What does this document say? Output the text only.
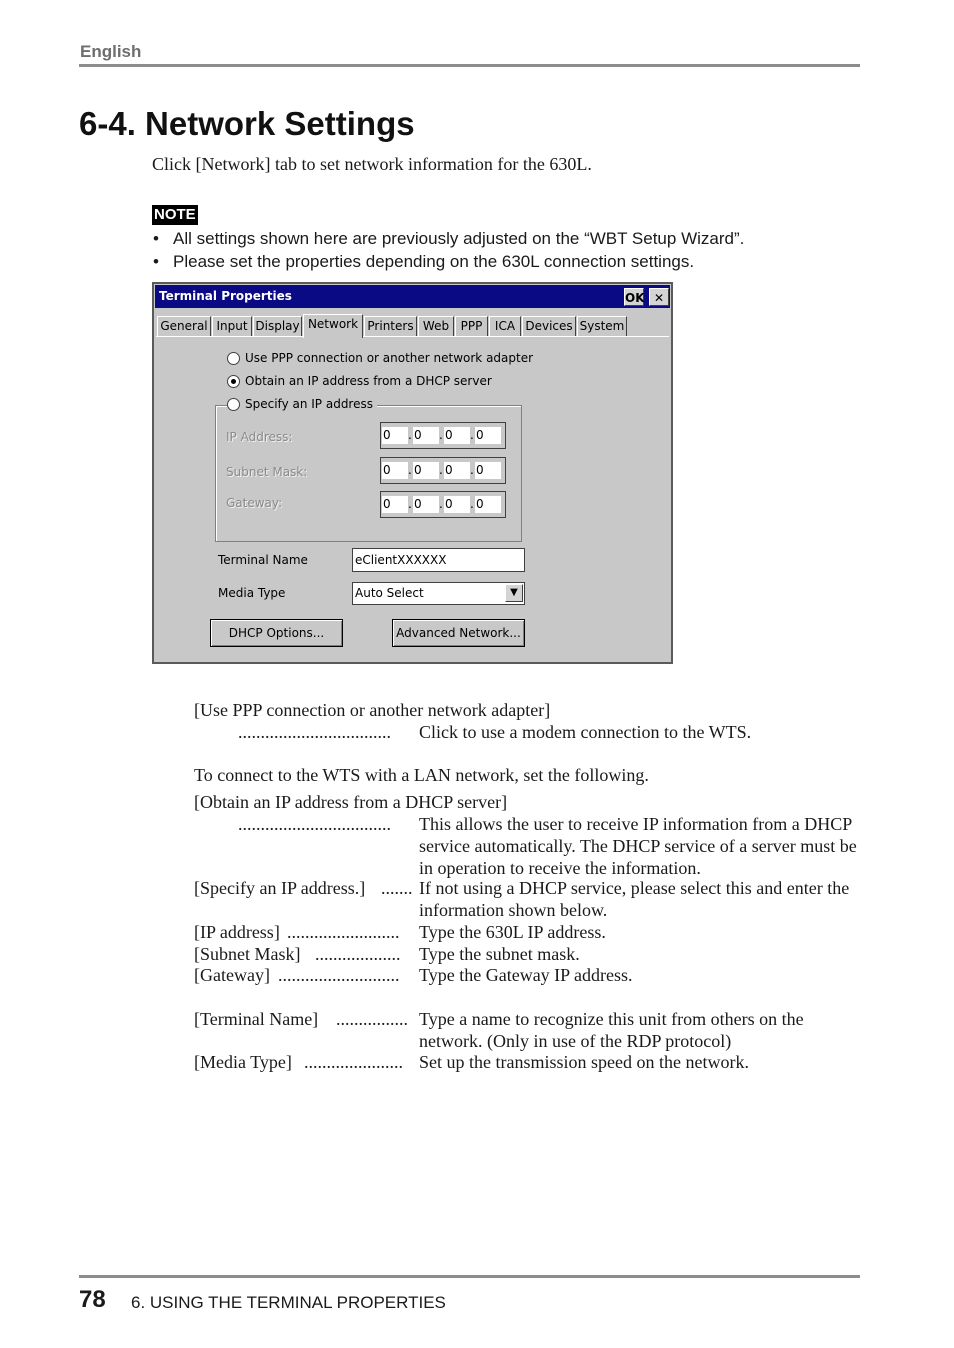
English
6-4. Network Settings
Click [Network] tab to set network information for the 630L.
NOTE
• All settings shown here are previously adjusted on the “WBT Setup Wizard”.
• Please set the properties depending on the 630L connection settings.
Terminal Properties	OK ✕
General Input Display Network Printers Web PPP	ICA Devices System
Use PPP connection or another network adapter
Obtain an IP address from a DHCP server
Specify an IP address
IP Address:	0	. 0	. 0	. 0
Subnet Mask:	0	. 0	. 0	. 0
Gateway:	0	. 0	. 0	. 0
Terminal Name	eClientXXXXXX
Media Type	Auto Select	▼
DHCP Options...	Advanced Network...
[Use PPP connection or another network adapter]
.................................. Click to use a modem connection to the WTS.
To connect to the WTS with a LAN network, set the following.
[Obtain an IP address from a DHCP server]
.................................. This allows the user to receive IP information from a DHCP service automatically. The DHCP service of a server must be in operation to receive the information.
[Specify an IP address.] ....... If not using a DHCP service, please select this and enter the information shown below.
[IP address] ......................... Type the 630L IP address.
[Subnet Mask] ................... Type the subnet mask.
[Gateway] ........................... Type the Gateway IP address.
[Terminal Name] ................ Type a name to recognize this unit from others on the network. (Only in use of the RDP protocol)
[Media Type] ...................... Set up the transmission speed on the network.
78 6. USING THE TERMINAL PROPERTIES
